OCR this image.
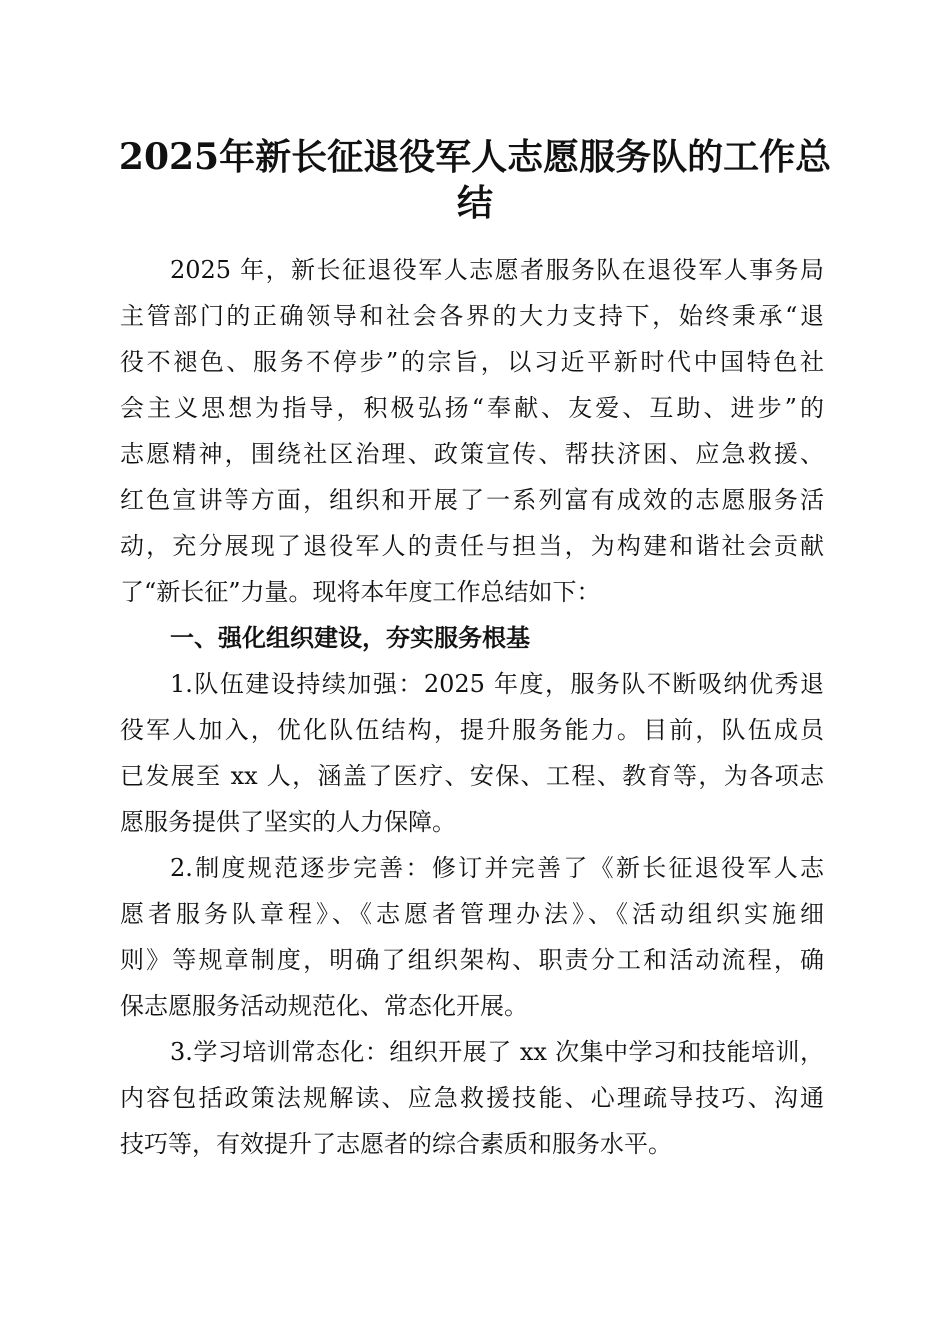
2025年新长征退役军人志愿服务队的工作总
结
2025 年，新长征退役军人志愿者服务队在退役军人事务局
主管部门的正确领导和社会各界的大力支持下，始终秉承“退
役不褪色、服务不停步”的宗旨，以习近平新时代中国特色社
会主义思想为指导，积极弘扬“奉献、友爱、互助、进步”的
志愿精神，围绕社区治理、政策宣传、帮扶济困、应急救援、
红色宣讲等方面，组织和开展了一系列富有成效的志愿服务活
动，充分展现了退役军人的责任与担当，为构建和谐社会贡献
了“新长征”力量。现将本年度工作总结如下：
一、强化组织建设，夯实服务根基
1.队伍建设持续加强：2025 年度，服务队不断吸纳优秀退
役军人加入，优化队伍结构，提升服务能力。目前，队伍成员
已发展至 xx 人，涵盖了医疗、安保、工程、教育等，为各项志
愿服务提供了坚实的人力保障。
2.制度规范逐步完善：修订并完善了《新长征退役军人志
愿者服务队章程》、《志愿者管理办法》、《活动组织实施细
则》等规章制度，明确了组织架构、职责分工和活动流程，确
保志愿服务活动规范化、常态化开展。
3.学习培训常态化：组织开展了 xx 次集中学习和技能培训，
内容包括政策法规解读、应急救援技能、心理疏导技巧、沟通
技巧等，有效提升了志愿者的综合素质和服务水平。
